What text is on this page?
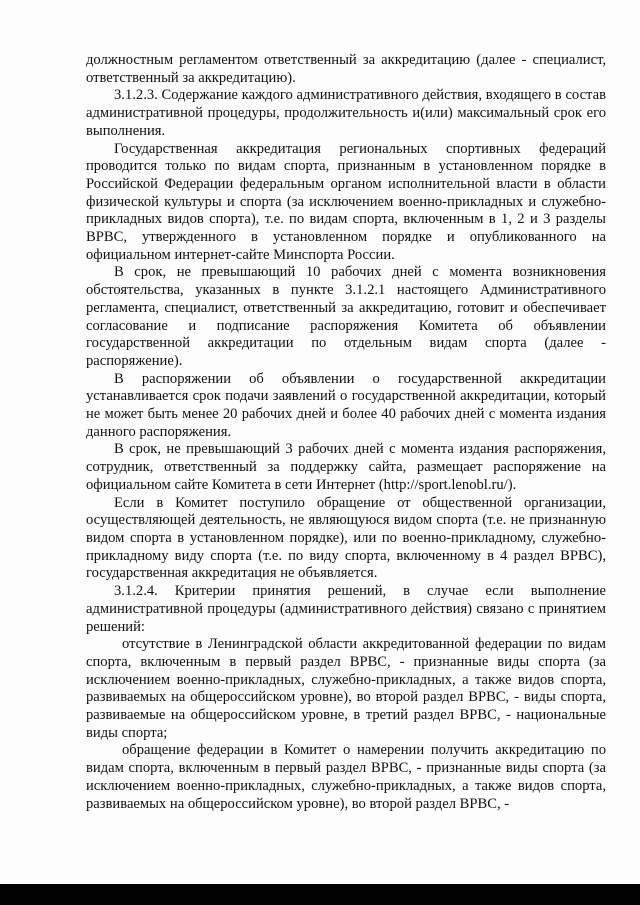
должностным регламентом ответственный за аккредитацию (далее - специалист, ответственный за аккредитацию).

3.1.2.3. Содержание каждого административного действия, входящего в состав административной процедуры, продолжительность и(или) максимальный срок его выполнения.

Государственная аккредитация региональных спортивных федераций проводится только по видам спорта, признанным в установленном порядке в Российской Федерации федеральным органом исполнительной власти в области физической культуры и спорта (за исключением военно-прикладных и служебно-прикладных видов спорта), т.е. по видам спорта, включенным в 1, 2 и 3 разделы ВРВС, утвержденного в установленном порядке и опубликованного на официальном интернет-сайте Минспорта России.

В срок, не превышающий 10 рабочих дней с момента возникновения обстоятельства, указанных в пункте 3.1.2.1 настоящего Административного регламента, специалист, ответственный за аккредитацию, готовит и обеспечивает согласование и подписание распоряжения Комитета об объявлении государственной аккредитации по отдельным видам спорта (далее - распоряжение).

В распоряжении об объявлении о государственной аккредитации устанавливается срок подачи заявлений о государственной аккредитации, который не может быть менее 20 рабочих дней и более 40 рабочих дней с момента издания данного распоряжения.

В срок, не превышающий 3 рабочих дней с момента издания распоряжения, сотрудник, ответственный за поддержку сайта, размещает распоряжение на официальном сайте Комитета в сети Интернет (http://sport.lenobl.ru/).

Если в Комитет поступило обращение от общественной организации, осуществляющей деятельность, не являющуюся видом спорта (т.е. не признанную видом спорта в установленном порядке), или по военно-прикладному, служебно-прикладному виду спорта (т.е. по виду спорта, включенному в 4 раздел ВРВС), государственная аккредитация не объявляется.

3.1.2.4. Критерии принятия решений, в случае если выполнение административной процедуры (административного действия) связано с принятием решений:

отсутствие в Ленинградской области аккредитованной федерации по видам спорта, включенным в первый раздел ВРВС, - признанные виды спорта (за исключением военно-прикладных, служебно-прикладных, а также видов спорта, развиваемых на общероссийском уровне), во второй раздел ВРВС, - виды спорта, развиваемые на общероссийском уровне, в третий раздел ВРВС, - национальные виды спорта;

обращение федерации в Комитет о намерении получить аккредитацию по видам спорта, включенным в первый раздел ВРВС, - признанные виды спорта (за исключением военно-прикладных, служебно-прикладных, а также видов спорта, развиваемых на общероссийском уровне), во второй раздел ВРВС, -
